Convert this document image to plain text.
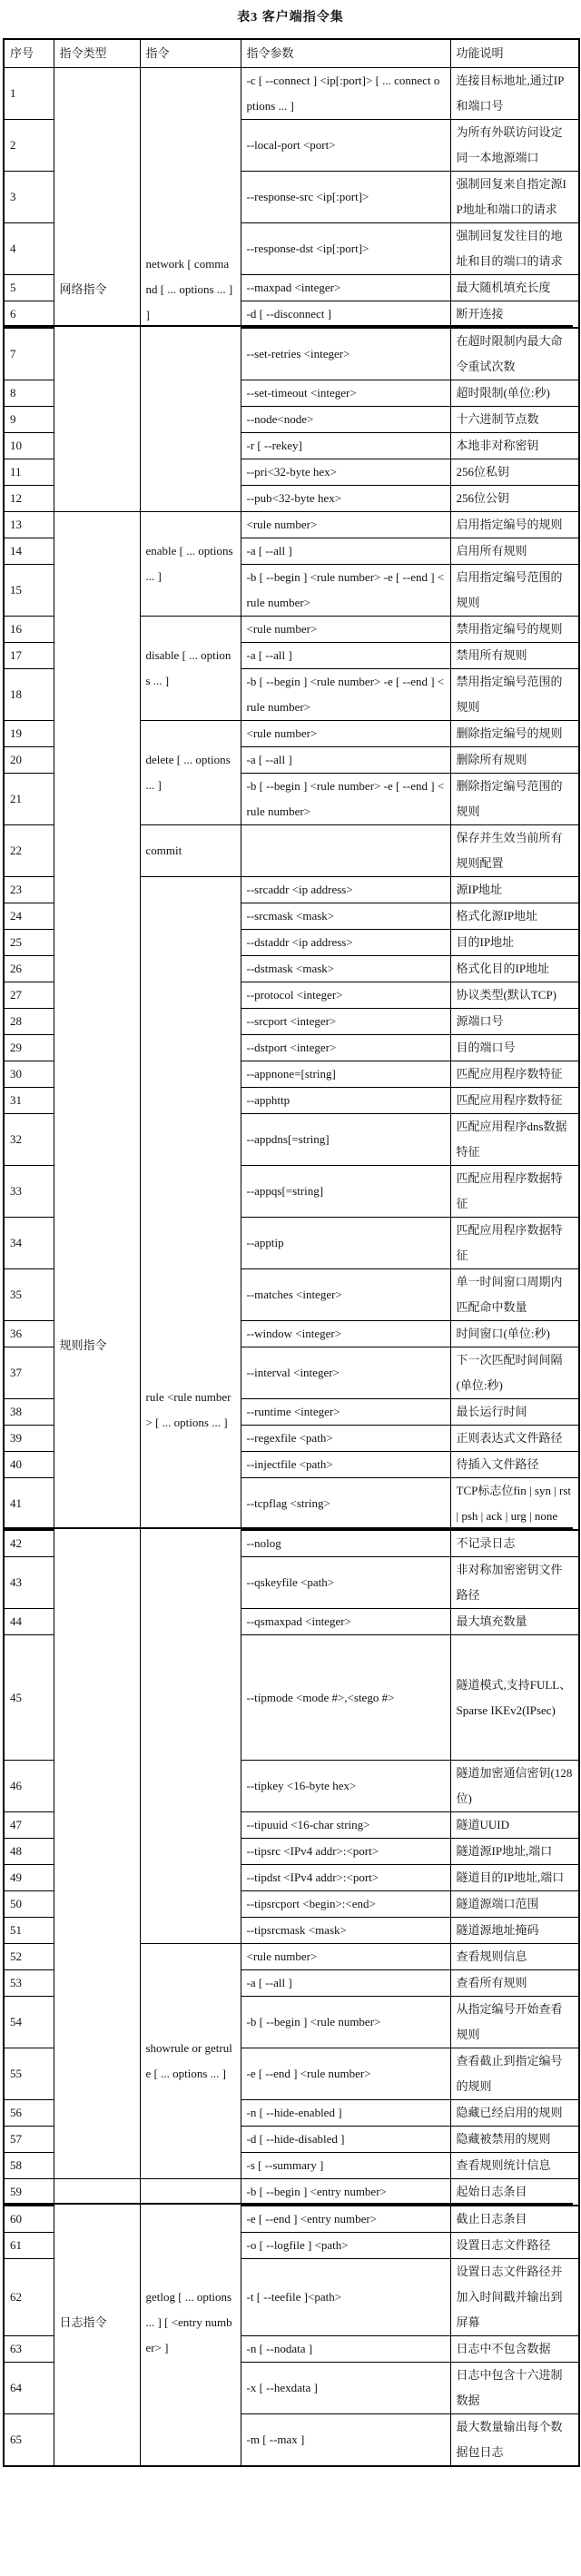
表3 客户端指令集
序号	指令类型	指令	指令参数	功能说明
1	网络指令	network [ command [ ... options ... ] ]	-c [ --connect ] <ip[:port]> [ ... connect options ... ]	连接目标地址,通过IP和端口号
2			--local-port <port>	为所有外联访问设定同一本地源端口
3			--response-src <ip[:port]>	强制回复来自指定源IP地址和端口的请求
4			--response-dst <ip[:port]>	强制回复发往目的地址和目的端口的请求
5			--maxpad <integer>	最大随机填充长度
6			-d [ --disconnect ]	断开连接
7			--set-retries <integer>	在超时限制内最大命令重试次数
8			--set-timeout <integer>	超时限制(单位:秒)
9			--node<node>	十六进制节点数
10			-r [ --rekey]	本地非对称密钥
11			--pri<32-byte hex>	256位私钥
12			--pub<32-byte hex>	256位公钥
13	规则指令	enable [ ... options ... ]	<rule number>	启用指定编号的规则
14			-a [ --all ]	启用所有规则
15			-b [ --begin ] <rule number> -e [ --end ] <rule number>	启用指定编号范围的规则
16		disable [ ... options ... ]	<rule number>	禁用指定编号的规则
17			-a [ --all ]	禁用所有规则
18			-b [ --begin ] <rule number> -e [ --end ] <rule number>	禁用指定编号范围的规则
19		delete [ ... options ... ]	<rule number>	删除指定编号的规则
20			-a [ --all ]	删除所有规则
21			-b [ --begin ] <rule number> -e [ --end ] <rule number>	删除指定编号范围的规则
22		commit		保存并生效当前所有规则配置
23		rule <rule number> [ ... options ... ]	--srcaddr <ip address>	源IP地址
24			--srcmask <mask>	格式化源IP地址
25			--dstaddr <ip address>	目的IP地址
26			--dstmask <mask>	格式化目的IP地址
27			--protocol <integer>	协议类型(默认TCP)
28			--srcport <integer>	源端口号
29			--dstport <integer>	目的端口号
30			--appnone=[string]	匹配应用程序数特征
31			--apphttp	匹配应用程序数特征
32			--appdns[=string]	匹配应用程序dns数据特征
33			--appqs[=string]	匹配应用程序数据特征
34			--apptip	匹配应用程序数据特征
35			--matches <integer>	单一时间窗口周期内匹配命中数量
36			--window <integer>	时间窗口(单位:秒)
37			--interval <integer>	下一次匹配时间间隔(单位:秒)
38			--runtime <integer>	最长运行时间
39			--regexfile <path>	正则表达式文件路径
40			--injectfile <path>	待插入文件路径
41			--tcpflag <string>	TCP标志位fin | syn | rst | psh | ack | urg | none
42			--nolog	不记录日志
43			--qskeyfile <path>	非对称加密密钥文件路径
44			--qsmaxpad <integer>	最大填充数量
45			--tipmode <mode #>,<stego #>	隧道模式,支持FULL、Sparse IKEv2(IPsec)
46			--tipkey <16-byte hex>	隧道加密通信密钥(128位)
47			--tipuuid <16-char string>	隧道UUID
48			--tipsrc <IPv4 addr>:<port>	隧道源IP地址,端口
49			--tipdst <IPv4 addr>:<port>	隧道目的IP地址,端口
50			--tipsrcport <begin>:<end>	隧道源端口范围
51			--tipsrcmask <mask>	隧道源地址掩码
52		showrule or getrule [ ... options ... ]	<rule number>	查看规则信息
53			-a [ --all ]	查看所有规则
54			-b [ --begin ] <rule number>	从指定编号开始查看规则
55			-e [ --end ] <rule number>	查看截止到指定编号的规则
56			-n [ --hide-enabled ]	隐藏已经启用的规则
57			-d [ --hide-disabled ]	隐藏被禁用的规则
58			-s [ --summary ]	查看规则统计信息
59	日志指令	getlog [ ... options ... ] [ <entry number> ]	-b [ --begin ] <entry number>	起始日志条目
60			-e [ --end ] <entry number>	截止日志条目
61			-o [ --logfile ] <path>	设置日志文件路径
62			-t [ --teefile ]<path>	设置日志文件路径并加入时间戳并输出到屏幕
63			-n [ --nodata ]	日志中不包含数据
64			-x [ --hexdata ]	日志中包含十六进制数据
65			-m [ --max ]	最大数量输出每个数据包日志
